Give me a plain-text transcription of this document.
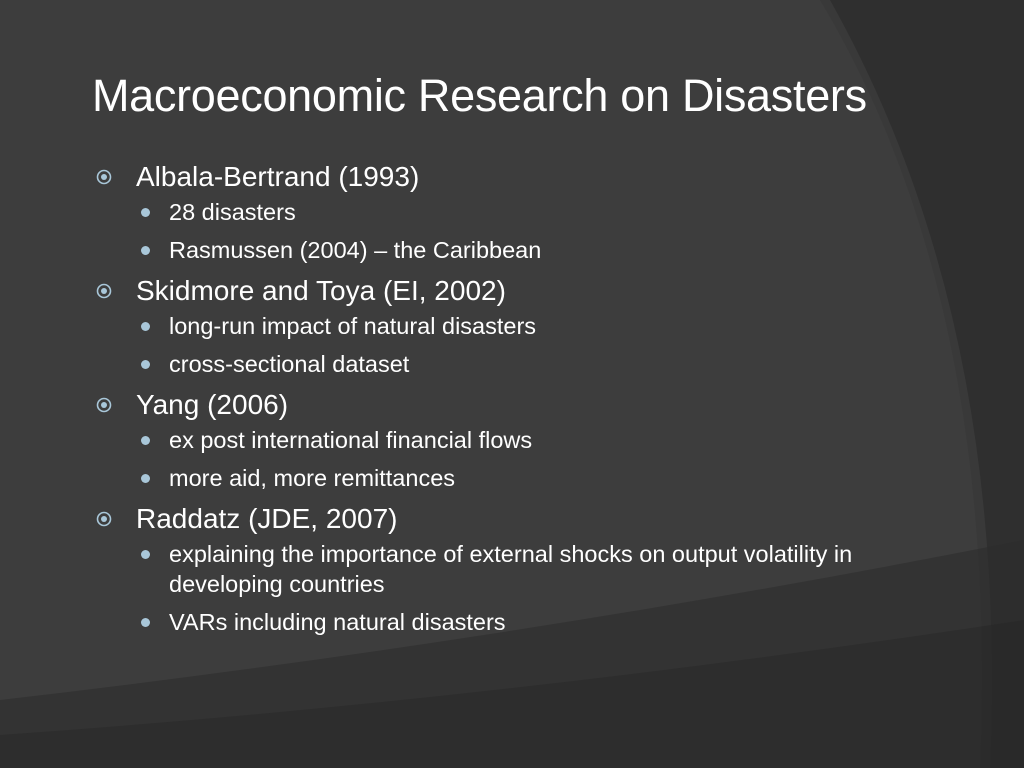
Macroeconomic Research on Disasters
Albala-Bertrand (1993)
28 disasters
Rasmussen (2004) – the Caribbean
Skidmore and Toya (EI, 2002)
long-run impact of natural disasters
cross-sectional dataset
Yang (2006)
ex post international financial flows
more aid, more remittances
Raddatz (JDE, 2007)
explaining the importance of external shocks on output volatility in developing countries
VARs including natural disasters
